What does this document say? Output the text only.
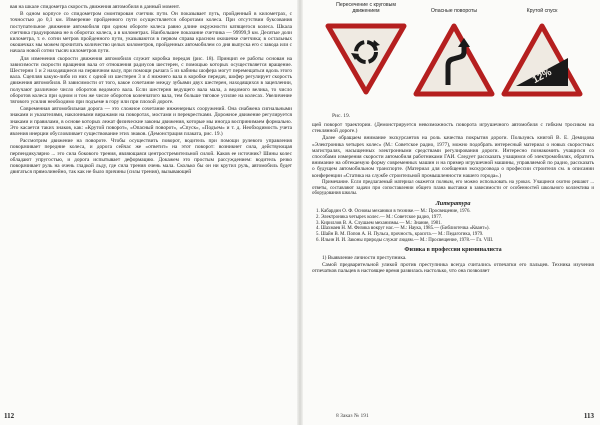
вая на шкале спидометра скорость движения автомобиля в данный момент.

В одном корпусе со спидометром смонтирован счетчик пути. Он показывает путь, пройденный в километрах, с точностью до 0,1 км. Измерение пройденного пути осуществляется оборотами колеса. При отсутствии буксования поступательное движение автомобиля при одном обороте колеса равно длине окружности катящегося колеса. Шкала счетчика градуирована не в оборотах колеса, а в километрах. Наибольшее показание счетчика — 99999,9 км. Десятые доли километра, т. е. сотни метров пройденного пути, указываются в первом справа красном окошечке счетчика; в остальных окошечках мы можем прочитать количество целых километров, пройденных автомобилем со дня выпуска его с завода или с начала новой сотни тысяч километров пути.

Для изменения скорости движения автомобиля служит коробка передач (рис. 18). Принцип ее работы основан на зависимости скорости вращения вала от отношения радиусов шестерен, с помощью которых осуществляется вращение. Шестерни 1 и 2 находящиеся на первичном валу, при помощи рычага 5 из кабины шофера могут перемещаться вдоль этого вала. Сцепляя какую-либо из них с одной из шестерен 3 и 4 нижнего вала в коробке передач, шофер регулирует скорость движения автомобиля. В зависимости от того, какое сочетание между зубьями двух шестерен, находящихся в зацеплении, получают различное число оборотов ведомого вала. Если шестерня ведущего вала мала, а ведомого велика, то число оборотов колеса при одном и том же числе оборотов коленчатого вала, тем больше тяговое усилие на колесах. Увеличение тягового усилия необходимо при подъеме в гору или при плохой дороге.

Современная автомобильная дорога — это сложное сочетание инженерных сооружений. Она снабжена сигнальными знаками и указателями, наклонными виражами на поворотах, мостами и перекрестками. Дорожное движение регулируется знаками и правилами, в основе которых лежат физические законы движения, которые мы иногда воспринимаем формально. Это касается таких знаков, как: «Крутой поворот», «Опасный поворот», «Спуск», «Подъем» и т. д. Необходимость учета явления инерции обусловливает существование этих знаков. (Демонстрация плаката, рис. 19.)

Рассмотрим движение на повороте. Чтобы осуществить поворот, водитель при помощи рулевого управления поворачивает передние колеса, и дорога сейчас же «ответит» на этот поворот: возникнет сила, действующая перпендикулярно ... это сила бокового трения, являющаяся центростремительной силой. Каков ее источник? Шины колес обладают упругостью, и дорога испытывает деформацию. Докажем это простым рассуждением: водитель резко поворачивает руль на очень гладкой льду, где сила трения очень мала. Сколько бы он ни крутил руль, автомобиль будет двигаться прямолинейно, так как не было причины (силы трения), вызывающей

112
Пересечение с круговым движением	Опасные повороты	Крутой спуск
12%
Рис. 19.

щей поворот траектории. (Демонстрируется невозможность поворота игрушечного автомобиля с гибким тросиком на стеклянной дороге.)

Далее обращаем внимание экскурсантов на роль качества покрытия дороги. Пользуясь книгой В. Е. Демидова «Электроника четырех колес» (М.: Советское радио, 1977), можно подобрать интересный материал о новых скоростных магистралях, насыщенных электронными средствами регулирования дороги. Интересно познакомить учащихся со способами измерения скорости автомобиля работниками ГАИ. Следует рассказать учащимся об электромобилях, обратить внимание на обтекаемую форму современных машин и на пример игрушечной машины, управляемой по радио, рассказать о будущем автомобильном транспорте. (Материал для сообщения экскурсовода о профессии строителя см. в описании конференции «Статика на службе строительной промышленности нашего города».)

Примечание. Если предлагаемый материал окажется полным, его можно использовать на уроках. Учащиеся охотно решают ... ответы, составляют задачи при сопоставлении общего плана выставки в зависимости от особенностей школьного коллектива и оборудования школы.

Литература
1. Кабардин О. Ф. Основы механики в технике.— М.: Просвещение, 1976.
2. Электроника четырех колес.— М.: Советское радио, 1977.
3. Кириллов В. А. Слушаем механизмы.— М.: Знание, 1981.
4. Шахмаев Н. М. Физика вокруг нас.— М.: Наука, 1985.— (Библиотечка «Квант»).
5. Шайн В. М. Попов А. Н. Пульса, прочность, красота.— М.: Педагогика, 1979.
6. Ильин И. И. Законы природы служат людям.— М.: Просвещение, 1978.— Гл. VIII.
Физика в профессии криминалиста

1) Выявление личности преступника.

Самой предварительной уликой против преступника всегда считались отпечатки его пальцев. Техника изучения отпечатков пальцев в настоящее время развилась настолько, что она позволяет

8 Заказ № 191	113
